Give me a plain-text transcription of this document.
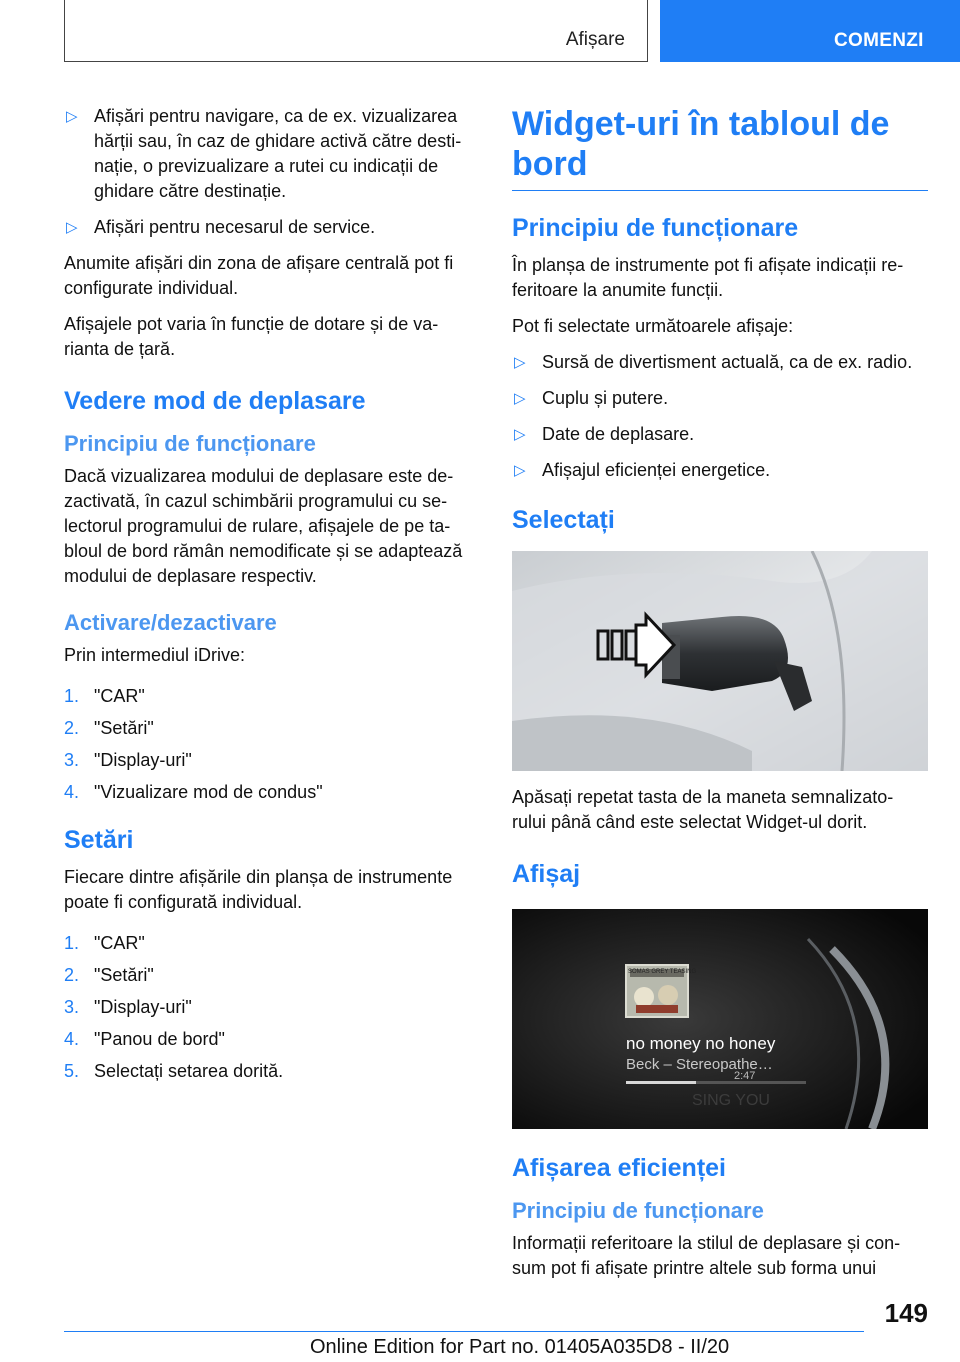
Afișare	COMENZI
▷ Afișări pentru navigare, ca de ex. vizualizarea hărții sau, în caz de ghidare activă către desti- nație, o previzualizare a rutei cu indicații de ghidare către destinație.
▷ Afișări pentru necesarul de service.

Anumite afișări din zona de afișare centrală pot fi configurate individual.

Afișajele pot varia în funcție de dotare și de va- rianta de țară.

Vedere mod de deplasare
Principiu de funcționare

Dacă vizualizarea modului de deplasare este de- zactivată, în cazul schimbării programului cu se- lectorul programului de rulare, afișajele de pe ta- bloul de bord rămân nemodificate și se adaptează modului de deplasare respectiv.

Activare/dezactivare

Prin intermediul iDrive:

1. "CAR"
2. "Setări"
3. "Display-uri"
4. "Vizualizare mod de condus"
Setări

Fiecare dintre afișările din planșa de instrumente poate fi configurată individual.

1. "CAR"
2. "Setări"
3. "Display-uri"
4. "Panou de bord"
5. Selectați setarea dorită.
Widget-uri în tabloul de bord
Principiu de funcționare

În planșa de instrumente pot fi afișate indicații re- feritoare la anumite funcții.

Pot fi selectate următoarele afișaje:

▷ Sursă de divertisment actuală, ca de ex. radio.
▷ Cuplu și putere.
▷ Date de deplasare.
▷ Afișajul eficienței energetice.
Selectați

Apăsați repetat tasta de la maneta semnalizato- rului până când este selectat Widget-ul dorit.

Afișaj
SOMAS GREY TEASING
no money no honey
Beck – Stereopathe…
2:47
SING YOU
Afișarea eficienței
Principiu de funcționare

Informații referitoare la stilul de deplasare și con- sum pot fi afișate printre altele sub forma unui

149
Online Edition for Part no. 01405A035D8 - II/20
